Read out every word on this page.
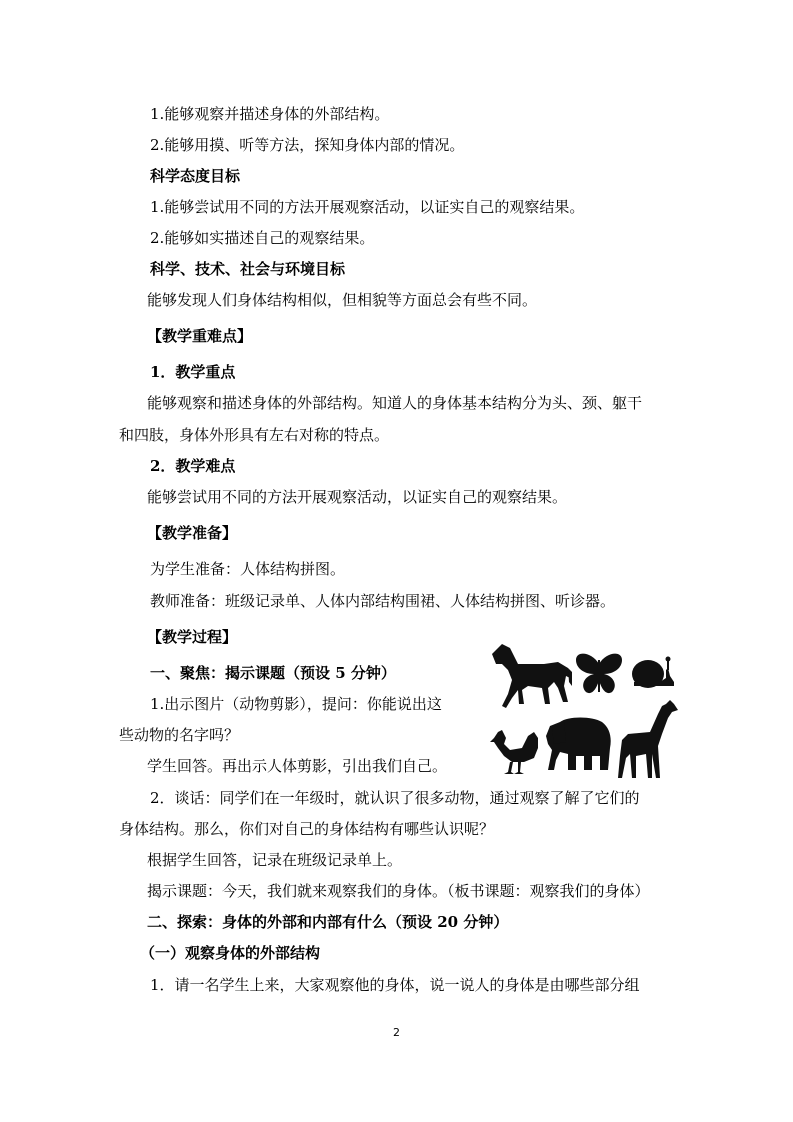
1.能够观察并描述身体的外部结构。
2.能够用摸、听等方法，探知身体内部的情况。
科学态度目标
1.能够尝试用不同的方法开展观察活动，以证实自己的观察结果。
2.能够如实描述自己的观察结果。
科学、技术、社会与环境目标
能够发现人们身体结构相似，但相貌等方面总会有些不同。
【教学重难点】
1．教学重点
能够观察和描述身体的外部结构。知道人的身体基本结构分为头、颈、躯干
和四肢，身体外形具有左右对称的特点。
2．教学难点
能够尝试用不同的方法开展观察活动，以证实自己的观察结果。
【教学准备】
为学生准备：人体结构拼图。
教师准备：班级记录单、人体内部结构围裙、人体结构拼图、听诊器。
【教学过程】
一、聚焦：揭示课题（预设 5 分钟）
1.出示图片（动物剪影），提问：你能说出这
些动物的名字吗？
学生回答。再出示人体剪影，引出我们自己。
2．谈话：同学们在一年级时，就认识了很多动物，通过观察了解了它们的
身体结构。那么，你们对自己的身体结构有哪些认识呢？
根据学生回答，记录在班级记录单上。
揭示课题：今天，我们就来观察我们的身体。（板书课题：观察我们的身体）
二、探索：身体的外部和内部有什么（预设 20 分钟）
（一）观察身体的外部结构
1．请一名学生上来，大家观察他的身体，说一说人的身体是由哪些部分组
2
